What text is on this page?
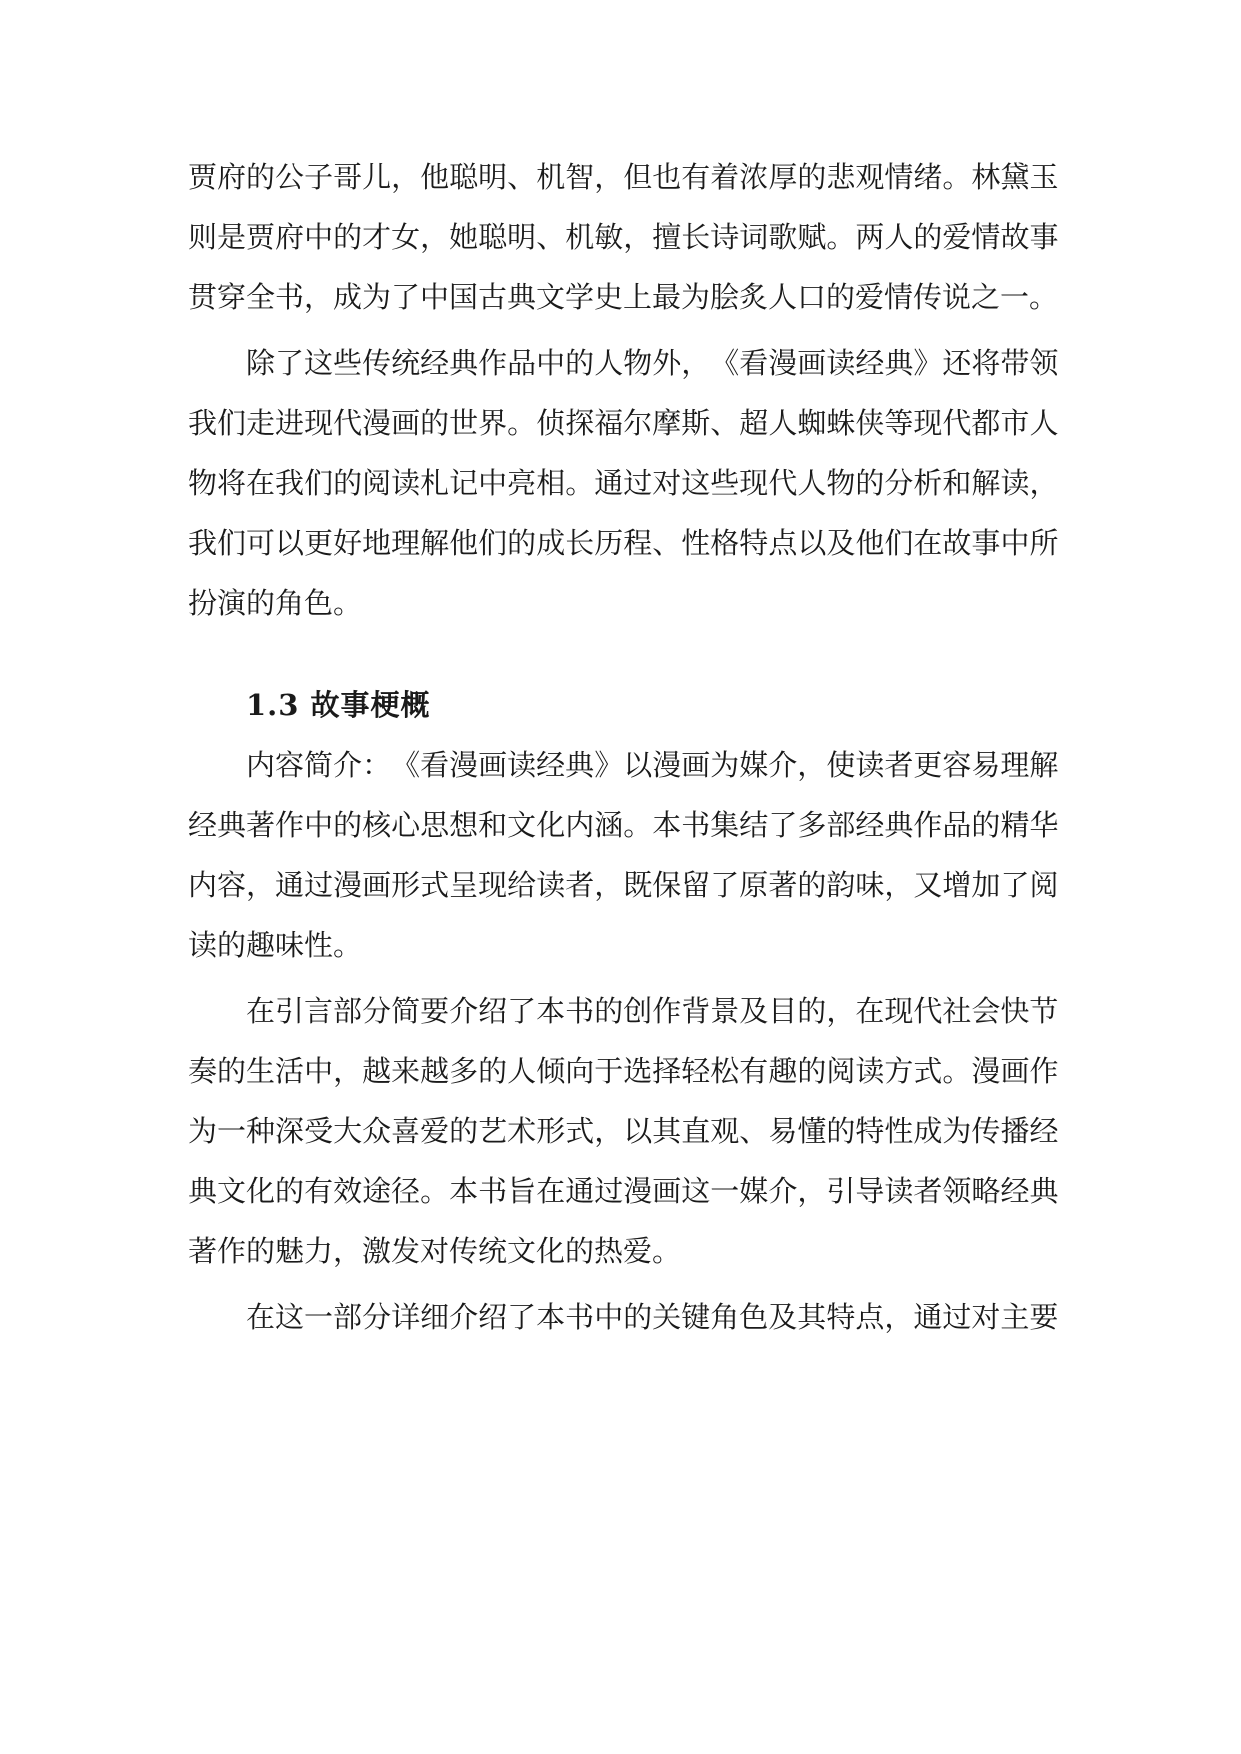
贾 府 的 公 子 哥 儿 ， 他 聪 明 、 机 智 ， 但 也 有 着 浓 厚 的 悲 观 情 绪 。 林 黛 玉
则 是 贾 府 中 的 才 女 ， 她 聪 明 、 机 敏 ， 擅 长 诗 词 歌 赋 。 两 人 的 爱 情 故 事
贯穿全书，成为了中国古典文学史上最为脍炙人口的爱情传说之一。
除 了 这 些 传 统 经 典 作 品 中 的 人 物 外 ， 《 看 漫 画 读 经 典 》 还 将 带 领
我 们 走 进 现 代 漫 画 的 世 界 。 侦 探 福 尔 摩 斯 、 超 人 蜘 蛛 侠 等 现 代 都 市 人
物 将 在 我 们 的 阅 读 札 记 中 亮 相 。 通 过 对 这 些 现 代 人 物 的 分 析 和 解 读 ，
我 们 可 以 更 好 地 理 解 他 们 的 成 长 历 程 、 性 格 特 点 以 及 他 们 在 故 事 中 所
扮演的角色。
1.3 故事梗概
内 容 简 介 ： 《 看 漫 画 读 经 典 》 以 漫 画 为 媒 介 ， 使 读 者 更 容 易 理 解
经 典 著 作 中 的 核 心 思 想 和 文 化 内 涵 。 本 书 集 结 了 多 部 经 典 作 品 的 精 华
内 容 ， 通 过 漫 画 形 式 呈 现 给 读 者 ， 既 保 留 了 原 著 的 韵 味 ， 又 增 加 了 阅
读的趣味性。
在 引 言 部 分 简 要 介 绍 了 本 书 的 创 作 背 景 及 目 的 ， 在 现 代 社 会 快 节
奏 的 生 活 中 ， 越 来 越 多 的 人 倾 向 于 选 择 轻 松 有 趣 的 阅 读 方 式 。 漫 画 作
为 一 种 深 受 大 众 喜 爱 的 艺 术 形 式 ， 以 其 直 观 、 易 懂 的 特 性 成 为 传 播 经
典 文 化 的 有 效 途 径 。 本 书 旨 在 通 过 漫 画 这 一 媒 介 ， 引 导 读 者 领 略 经 典
著作的魅力，激发对传统文化的热爱。
在 这 一 部 分 详 细 介 绍 了 本 书 中 的 关 键 角 色 及 其 特 点 ， 通 过 对 主 要
